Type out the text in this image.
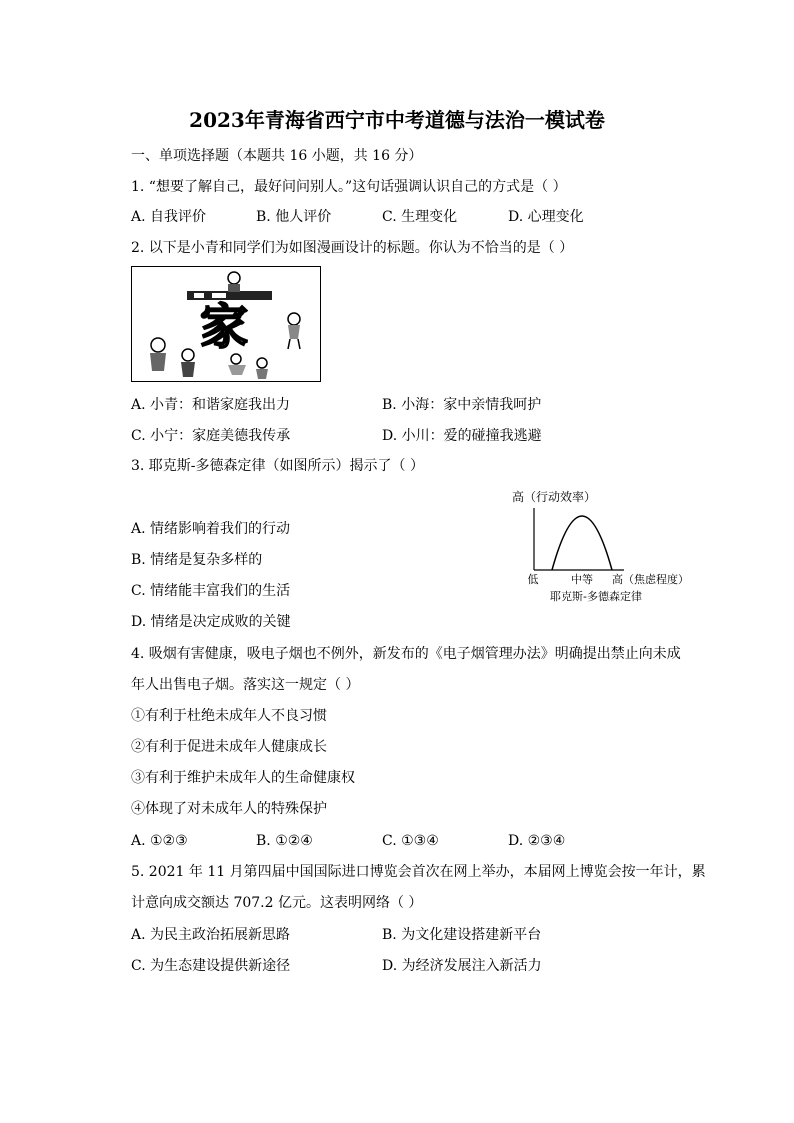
2023年青海省西宁市中考道德与法治一模试卷
一、单项选择题（本题共 16 小题，共 16 分）
1. “想要了解自己，最好问问别人。”这句话强调认识自己的方式是（ ）
A. 自我评价	B. 他人评价	C. 生理变化	D. 心理变化
2. 以下是小青和同学们为如图漫画设计的标题。你认为不恰当的是（ ）
家
A. 小青：和谐家庭我出力	B. 小海：家中亲情我呵护
C. 小宁：家庭美德我传承	D. 小川：爱的碰撞我逃避
3. 耶克斯-多德森定律（如图所示）揭示了（ ）
A. 情绪影响着我们的行动
B. 情绪是复杂多样的
C. 情绪能丰富我们的生活
D. 情绪是决定成败的关键
高（行动效率）
低	中等 高（焦虑程度）
耶克斯-多德森定律
4. 吸烟有害健康，吸电子烟也不例外，新发布的《电子烟管理办法》明确提出禁止向未成
年人出售电子烟。落实这一规定（ ）
①有利于杜绝未成年人不良习惯
②有利于促进未成年人健康成长
③有利于维护未成年人的生命健康权
④体现了对未成年人的特殊保护
A. ①②③	B. ①②④	C. ①③④	D. ②③④
5. 2021 年 11 月第四届中国国际进口博览会首次在网上举办，本届网上博览会按一年计，累
计意向成交额达 707.2 亿元。这表明网络（ ）
A. 为民主政治拓展新思路	B. 为文化建设搭建新平台
C. 为生态建设提供新途径	D. 为经济发展注入新活力
